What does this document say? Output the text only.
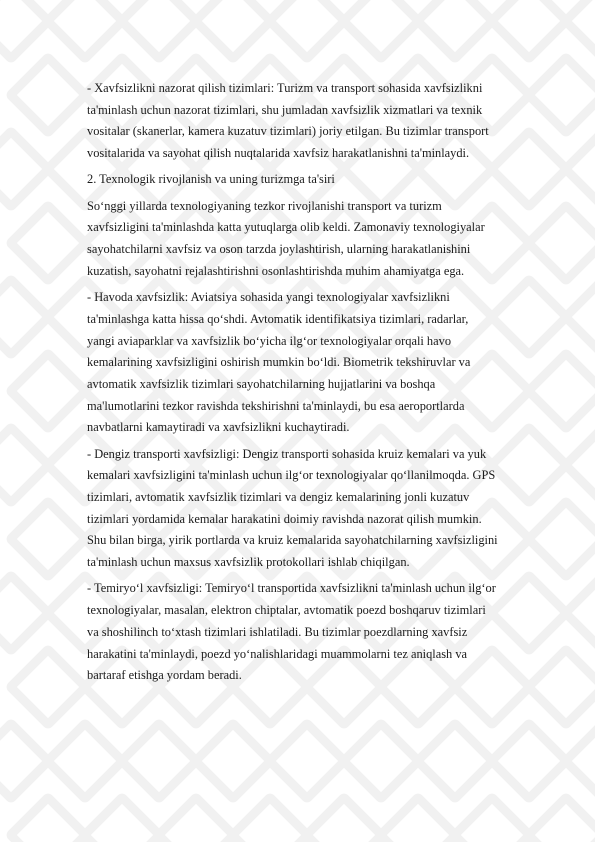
- Xavfsizlikni nazorat qilish tizimlari: Turizm va transport sohasida xavfsizlikni
ta'minlash uchun nazorat tizimlari, shu jumladan xavfsizlik xizmatlari va texnik
vositalar (skanerlar, kamera kuzatuv tizimlari) joriy etilgan. Bu tizimlar transport
vositalarida va sayohat qilish nuqtalarida xavfsiz harakatlanishni ta'minlaydi.

2. Texnologik rivojlanish va uning turizmga ta'siri

So‘nggi yillarda texnologiyaning tezkor rivojlanishi transport va turizm
xavfsizligini ta'minlashda katta yutuqlarga olib keldi. Zamonaviy texnologiyalar
sayohatchilarni xavfsiz va oson tarzda joylashtirish, ularning harakatlanishini
kuzatish, sayohatni rejalashtirishni osonlashtirishda muhim ahamiyatga ega.

- Havoda xavfsizlik: Aviatsiya sohasida yangi texnologiyalar xavfsizlikni
ta'minlashga katta hissa qo‘shdi. Avtomatik identifikatsiya tizimlari, radarlar,
yangi aviaparklar va xavfsizlik bo‘yicha ilg‘or texnologiyalar orqali havo
kemalarining xavfsizligini oshirish mumkin bo‘ldi. Biometrik tekshiruvlar va
avtomatik xavfsizlik tizimlari sayohatchilarning hujjatlarini va boshqa
ma'lumotlarini tezkor ravishda tekshirishni ta'minlaydi, bu esa aeroportlarda
navbatlarni kamaytiradi va xavfsizlikni kuchaytiradi.

- Dengiz transporti xavfsizligi: Dengiz transporti sohasida kruiz kemalari va yuk
kemalari xavfsizligini ta'minlash uchun ilg‘or texnologiyalar qo‘llanilmoqda. GPS
tizimlari, avtomatik xavfsizlik tizimlari va dengiz kemalarining jonli kuzatuv
tizimlari yordamida kemalar harakatini doimiy ravishda nazorat qilish mumkin.
Shu bilan birga, yirik portlarda va kruiz kemalarida sayohatchilarning xavfsizligini
ta'minlash uchun maxsus xavfsizlik protokollari ishlab chiqilgan.

- Temiryo‘l xavfsizligi: Temiryo‘l transportida xavfsizlikni ta'minlash uchun ilg‘or
texnologiyalar, masalan, elektron chiptalar, avtomatik poezd boshqaruv tizimlari
va shoshilinch to‘xtash tizimlari ishlatiladi. Bu tizimlar poezdlarning xavfsiz
harakatini ta'minlaydi, poezd yo‘nalishlaridagi muammolarni tez aniqlash va
bartaraf etishga yordam beradi.
